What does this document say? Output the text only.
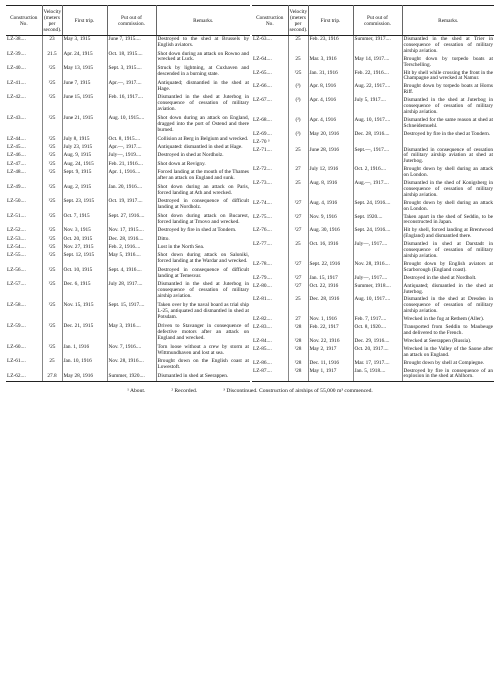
Construction No.	Velocity (meters per second).	First trip.	Put out of commission.	Remarks.
LZ-38....	23	May 3, 1915	June 7, 1915....	Destroyed to the shed at Brussels by English aviators.
LZ-39....	21.5	Apr. 24, 1915	Oct. 18, 1915....	Shot down during an attack on Rowno and wrecked at Luck.
LZ-40....	¹25	May 13, 1915	Sept. 3, 1915....	Struck by lightning, at Cuxhaven and descended in a burning state.
LZ-41....	¹25	June 7, 1915	Apr.—, 1917....	Antiquated; dismantled in the shed at Hage.
LZ-42....	¹25	June 15, 1915	Feb. 16, 1917....	Dismantled in the shed at Juterbog in consequence of cessation of military aviation.
LZ-43....	¹25	June 21, 1915	Aug. 10, 1915....	Shot down during an attack on England, dragged into the port of Ostend and there burned.
LZ-44....	¹25	July 8, 1915	Oct. 8, 1915....	Collision at Berg in Belgium and wrecked.
LZ-45....	¹25	July 23, 1915	Apr.—, 1917....	Antiquated: dismantled in shed at Hage.
LZ-46....	¹25	Aug. 9, 1915	July—, 1919....	Destroyed in shed at Nordholz.
LZ-47....	¹25	Aug. 24, 1915	Feb. 21, 1916....	Shot down at Revigny.
LZ-48....	¹25	Sept. 9, 1915	Apr. 1, 1916....	Forced landing at the mouth of the Thames after an attack on England and sunk.
LZ-49....	¹25	Aug. 2, 1915	Jan. 20, 1916....	Shot down during an attack on Paris, forced landing at Ath and wrecked.
LZ-50....	¹25	Sept. 23, 1915	Oct. 19, 1917....	Destroyed in consequence of difficult landing at Nordholz.
LZ-51....	¹25	Oct. 7, 1915	Sept. 27, 1916....	Shot down during attack on Bucarest, forced landing at Trnovo and wrecked.
LZ-52....	¹25	Nov. 3, 1915	Nov. 17, 1915....	Destroyed by fire in shed at Tondern.
LZ-53....	¹25	Oct. 20, 1915	Dec. 28, 1916....	Ditto.
LZ-54....	¹25	Nov. 27, 1915	Feb. 2, 1916....	Lost in the North Sea.
LZ-55....	¹25	Sept. 12, 1915	May 5, 1916....	Shot down during attack on Saloniki, forced landing at the Wardar and wrecked.
LZ-56....	¹25	Oct. 10, 1915	Sept. 4, 1916....	Destroyed in consequence of difficult landing at Temesvar.
LZ-57....	¹25	Dec. 6, 1915	July 28, 1917....	Dismantled in the shed at Juterbog in consequence of cessation of military airship aviation.
LZ-58....	¹25	Nov. 15, 1915	Sept. 15, 1917....	Taken over by the naval board as trial ship L-25, antiquated and dismantled in shed at Potsdam.
LZ-59....	¹25	Dec. 21, 1915	May 3, 1916....	Driven to Stavanger in consequence of defective motors after an attack on England and wrecked.
LZ-60....	¹25	Jan. 1, 1916	Nov. 7, 1916....	Torn loose without a crew by storm at Wittmundhaven and lost at sea.
LZ-61....	25	Jan. 10, 1916	Nov. 28, 1916....	Brought down on the English coast at Lowestoft.
LZ-62....	27.8	May 28, 1916	Summer, 1920....	Dismantled in shed at Seerappen.
Construction No.	Velocity (meters per second).	First trip.	Put out of commission.	Remarks.
LZ-63....	25	Feb. 23, 1916	Summer, 1917....	Dismantled in the shed at Trier in consequence of cessation of military airship aviation.
LZ-64....	25	Mar. 3, 1916	May 14, 1917....	Brought down by torpedo boats at Terschelling.
LZ-65....	¹25	Jan. 31, 1916	Feb. 22, 1916....	Hit by shell while crossing the front in the Champagne and wrecked at Namur.
LZ-66....	(²)	Apr. 8, 1916	Aug. 22, 1917....	Brought down by torpedo boats at Horns Riff.
LZ-67....	(²)	Apr. 4, 1916	July 5, 1917....	Dismantled in the shed at Juterbog in consequence of cessation of military airship aviation.
LZ-68....	(²)	Apr. 4, 1916	Aug. 10, 1917....	Dismantled for the same reason at shed at Schneidemuehl.
LZ-69....	(²)	May 20, 1916	Dec. 28, 1916....	Destroyed by fire in the shed at Tondern.
LZ-70 ³				
LZ-71....	25	June 28, 1916	Sept.—, 1917....	Dismantled in consequence of cessation of military airship aviation at shed at Juterbog.
LZ-72....	27	July 12, 1916	Oct. 2, 1916....	Brought down by shell during an attack on London.
LZ-73....	25	Aug. 8, 1916	Aug.—, 1917....	Dismantled in the shed of Konigsberg in consequence of cessation of military airship aviation.
LZ-74....	¹27	Aug. 4, 1916	Sept. 24, 1916....	Brought down by shell during an attack on London.
LZ-75....	¹27	Nov. 9, 1916	Sept. 1920....	Taken apart in the shed of Seddin, to be reconstructed in Japan.
LZ-76....	¹27	Aug. 30, 1916	Sept. 24, 1916....	Hit by shell, forced landing at Brentwood (England) and dismantled there.
LZ-77....	25	Oct. 16, 1916	July—, 1917....	Dismantled in shed at Darstadt in consequence of cessation of military airship aviation.
LZ-78....	¹27	Sept. 22, 1916	Nov. 28, 1916....	Brought down by English aviators at Scarborough (England coast).
LZ-79....	¹27	Jan. 15, 1917	July—, 1917....	Destroyed in the shed at Nordholt.
LZ-80....	¹27	Oct. 22, 1916	Summer, 1918....	Antiquated; dismantled in the shed at Juterbog.
LZ-81....	25	Dec. 28, 1916	Aug. 10, 1917....	Dismantled in the shed at Dresden in consequence of cessation of military airship aviation.
LZ-82....	27	Nov. 1, 1916	Feb. 7, 1917....	Wrecked in the fog at Rethem (Aller).
LZ-83....	¹28	Feb. 22, 1917	Oct. 8, 1920....	Transported from Seddin to Maubeuge and delivered to the French.
LZ-84....	¹28	Nov. 22, 1916	Dec. 29, 1916....	Wrecked at Seerappen (Russia).
LZ-85....	¹28	May 2, 1917	Oct. 20, 1917....	Wrecked in the Valley of the Saone after an attack on England.
LZ-86....	¹28	Dec. 11, 1916	Mar. 17, 1917....	Brought down by shell at Compiegne.
LZ-87....	¹28	May 1, 1917	Jan. 5, 1918....	Destroyed by fire in consequence of an explosion in the shed at Ahlhorn.
¹ About.	² Recorded.	³ Discontinued. Construction of airships of 55,000 m³ commenced.
